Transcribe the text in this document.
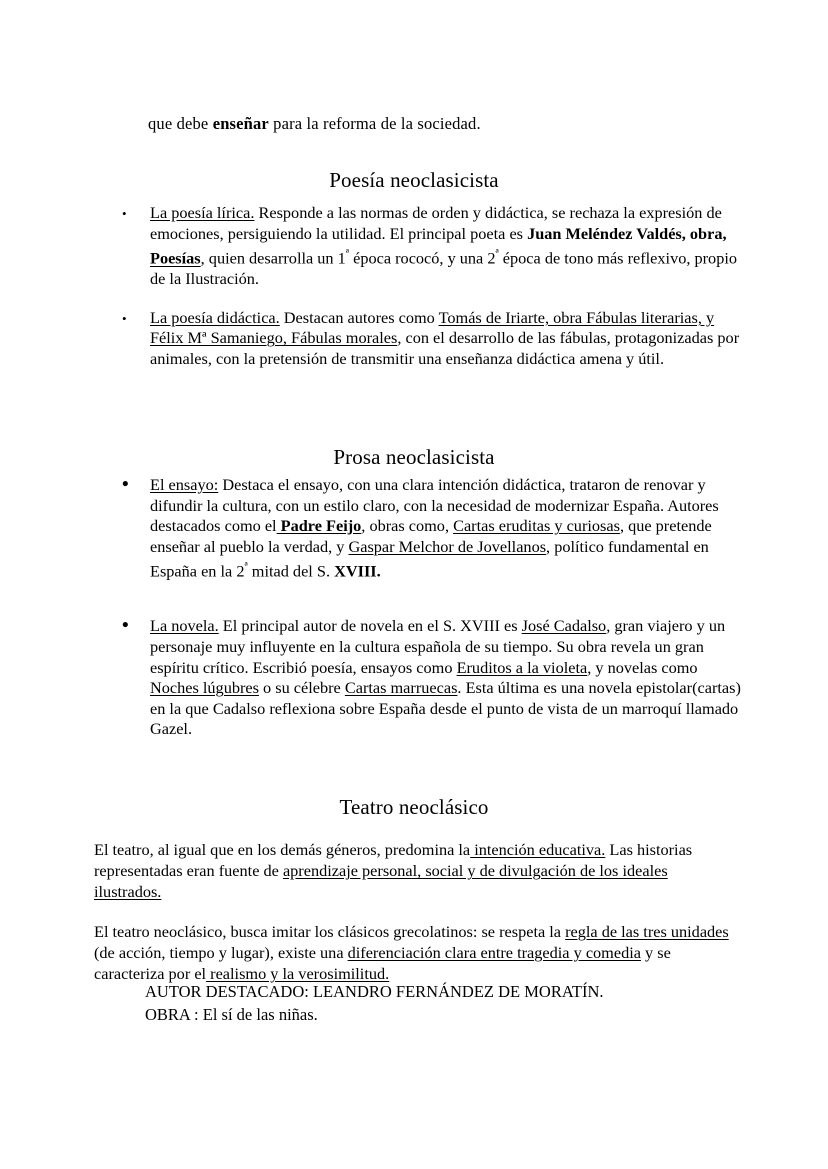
que debe enseñar para la reforma de la sociedad.

Poesía neoclasicista
•
La poesía lírica. Responde a las normas de orden y didáctica, se rechaza la expresión de emociones, persiguiendo la utilidad. El principal poeta es Juan Meléndez Valdés, obra, Poesías, quien desarrolla un $1^ª$ época rococó, y una $2^ª$ época de tono más reflexivo, propio de la Ilustración.
•
La poesía didáctica. Destacan autores como Tomás de Iriarte, obra Fábulas literarias, y Félix Mª Samaniego, Fábulas morales, con el desarrollo de las fábulas, protagonizadas por animales, con la pretensión de transmitir una enseñanza didáctica amena y útil.
Prosa neoclasicista
•
El ensayo: Destaca el ensayo, con una clara intención didáctica, trataron de renovar y difundir la cultura, con un estilo claro, con la necesidad de modernizar España. Autores destacados como el Padre Feijo, obras como, Cartas eruditas y curiosas, que pretende enseñar al pueblo la verdad, y Gaspar Melchor de Jovellanos, político fundamental en España en la $2^ª$ mitad del S. XVIII.
•
La novela. El principal autor de novela en el S. XVIII es José Cadalso, gran viajero y un personaje muy influyente en la cultura española de su tiempo. Su obra revela un gran espíritu crítico. Escribió poesía, ensayos como Eruditos a la violeta, y novelas como Noches lúgubres o su célebre Cartas marruecas. Esta última es una novela epistolar(cartas) en la que Cadalso reflexiona sobre España desde el punto de vista de un marroquí llamado Gazel.
Teatro neoclásico

El teatro, al igual que en los demás géneros, predomina la intención educativa. Las historias representadas eran fuente de aprendizaje personal, social y de divulgación de los ideales ilustrados.

El teatro neoclásico, busca imitar los clásicos grecolatinos: se respeta la regla de las tres unidades (de acción, tiempo y lugar), existe una diferenciación clara entre tragedia y comedia y se caracteriza por el realismo y la verosimilitud.

AUTOR DESTACADO: LEANDRO FERNÁNDEZ DE MORATÍN.
OBRA : El sí de las niñas.
